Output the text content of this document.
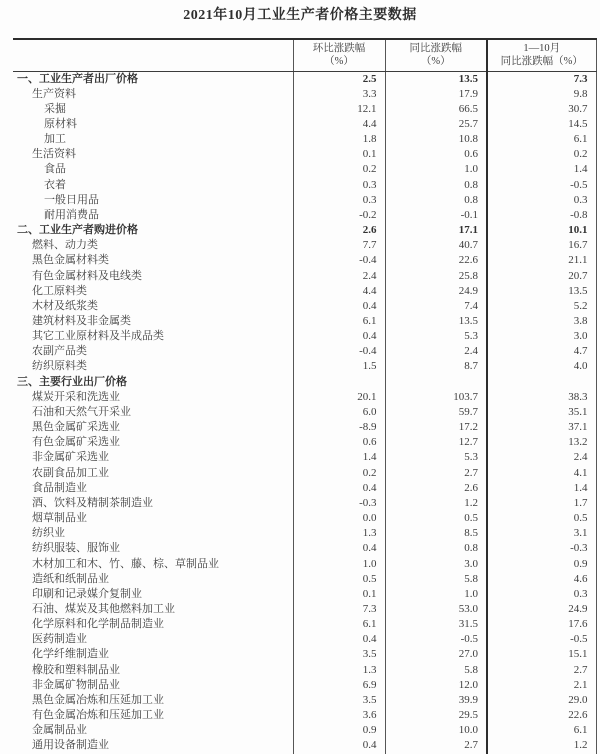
2021年10月工业生产者价格主要数据

环比涨跌幅
（%）

同比涨跌幅
（%）

1—10月
同比涨跌幅（%）

一、工业生产者出厂价格	2.5	13.5	7.3
生产资料	3.3	17.9	9.8
采掘	12.1	66.5	30.7
原材料	4.4	25.7	14.5
加工	1.8	10.8	6.1
生活资料	0.1	0.6	0.2
食品	0.2	1.0	1.4
衣着	0.3	0.8	-0.5
一般日用品	0.3	0.8	0.3
耐用消费品	-0.2	-0.1	-0.8
二、工业生产者购进价格	2.6	17.1	10.1
燃料、动力类	7.7	40.7	16.7
黑色金属材料类	-0.4	22.6	21.1
有色金属材料及电线类	2.4	25.8	20.7
化工原料类	4.4	24.9	13.5
木材及纸浆类	0.4	7.4	5.2
建筑材料及非金属类	6.1	13.5	3.8
其它工业原材料及半成品类	0.4	5.3	3.0
农副产品类	-0.4	2.4	4.7
纺织原料类	1.5	8.7	4.0
三、主要行业出厂价格			
煤炭开采和洗选业	20.1	103.7	38.3
石油和天然气开采业	6.0	59.7	35.1
黑色金属矿采选业	-8.9	17.2	37.1
有色金属矿采选业	0.6	12.7	13.2
非金属矿采选业	1.4	5.3	2.4
农副食品加工业	0.2	2.7	4.1
食品制造业	0.4	2.6	1.4
酒、饮料及精制茶制造业	-0.3	1.2	1.7
烟草制品业	0.0	0.5	0.5
纺织业	1.3	8.5	3.1
纺织服装、服饰业	0.4	0.8	-0.3
木材加工和木、竹、藤、棕、草制品业	1.0	3.0	0.9
造纸和纸制品业	0.5	5.8	4.6
印刷和记录媒介复制业	0.1	1.0	0.3
石油、煤炭及其他燃料加工业	7.3	53.0	24.9
化学原料和化学制品制造业	6.1	31.5	17.6
医药制造业	0.4	-0.5	-0.5
化学纤维制造业	3.5	27.0	15.1
橡胶和塑料制品业	1.3	5.8	2.7
非金属矿物制品业	6.9	12.0	2.1
黑色金属冶炼和压延加工业	3.5	39.9	29.0
有色金属冶炼和压延加工业	3.6	29.5	22.6
金属制品业	0.9	10.0	6.1
通用设备制造业	0.4	2.7	1.2
